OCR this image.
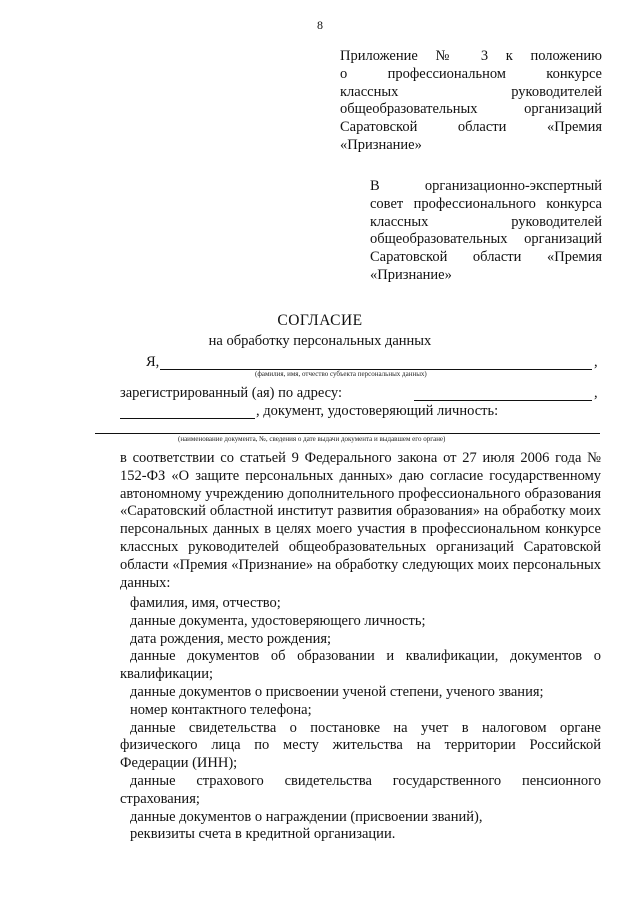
8
Приложение № 3 к положению
о профессиональном конкурсе
классных руководителей
общеобразовательных организаций
Саратовской области «Премия
«Признание»
В организационно-экспертный
совет профессионального конкурса
классных руководителей
общеобразовательных организаций
Саратовской области «Премия
«Признание»
СОГЛАСИЕ
на обработку персональных данных
Я,	,
(фамилия, имя, отчество субъекта персональных данных)
зарегистрированный (ая) по адресу:	,
, документ, удостоверяющий личность:
(наименование документа, №, сведения о дате выдачи документа и выдавшем его органе)
в соответствии со статьей 9 Федерального закона от 27 июля 2006 года № 152-ФЗ «О защите персональных данных» даю согласие государственному автономному учреждению дополнительного профессионального образования «Саратовский областной институт развития образования» на обработку моих персональных данных в целях моего участия в профессиональном конкурсе классных руководителей общеобразовательных организаций Саратовской области «Премия «Признание» на обработку следующих моих персональных данных:
фамилия, имя, отчество;
данные документа, удостоверяющего личность;
дата рождения, место рождения;
данные документов об образовании и квалификации, документов о квалификации;
данные документов о присвоении ученой степени, ученого звания;
номер контактного телефона;
данные свидетельства о постановке на учет в налоговом органе физического лица по месту жительства на территории Российской Федерации (ИНН);
данные страхового свидетельства государственного пенсионного страхования;
данные документов о награждении (присвоении званий),
реквизиты счета в кредитной организации.
